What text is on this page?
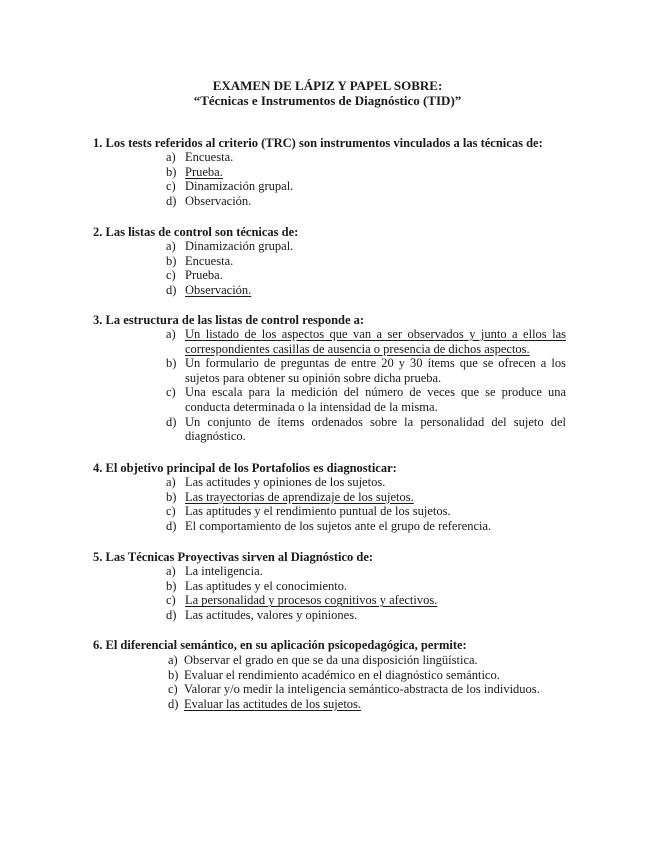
EXAMEN DE LÁPIZ Y PAPEL SOBRE:
“Técnicas e Instrumentos de Diagnóstico (TID)”
1. Los tests referidos al criterio (TRC) son instrumentos vinculados a las técnicas de:
a) Encuesta.
b) Prueba.
c) Dinamización grupal.
d) Observación.
2. Las listas de control son técnicas de:
a) Dinamización grupal.
b) Encuesta.
c) Prueba.
d) Observación.
3. La estructura de las listas de control responde a:
a) Un listado de los aspectos que van a ser observados y junto a ellos las correspondientes casillas de ausencia o presencia de dichos aspectos.
b) Un formulario de preguntas de entre 20 y 30 ítems que se ofrecen a los sujetos para obtener su opinión sobre dicha prueba.
c) Una escala para la medición del número de veces que se produce una conducta determinada o la intensidad de la misma.
d) Un conjunto de ítems ordenados sobre la personalidad del sujeto del diagnóstico.
4. El objetivo principal de los Portafolios es diagnosticar:
a) Las actitudes y opiniones de los sujetos.
b) Las trayectorias de aprendizaje de los sujetos.
c) Las aptitudes y el rendimiento puntual de los sujetos.
d) El comportamiento de los sujetos ante el grupo de referencia.
5. Las Técnicas Proyectivas sirven al Diagnóstico de:
a) La inteligencia.
b) Las aptitudes y el conocimiento.
c) La personalidad y procesos cognitivos y afectivos.
d) Las actitudes, valores y opiniones.
6. El diferencial semántico, en su aplicación psicopedagógica, permite:
a) Observar el grado en que se da una disposición lingüística.
b) Evaluar el rendimiento académico en el diagnóstico semántico.
c) Valorar y/o medir la inteligencia semántico-abstracta de los individuos.
d) Evaluar las actitudes de los sujetos.
